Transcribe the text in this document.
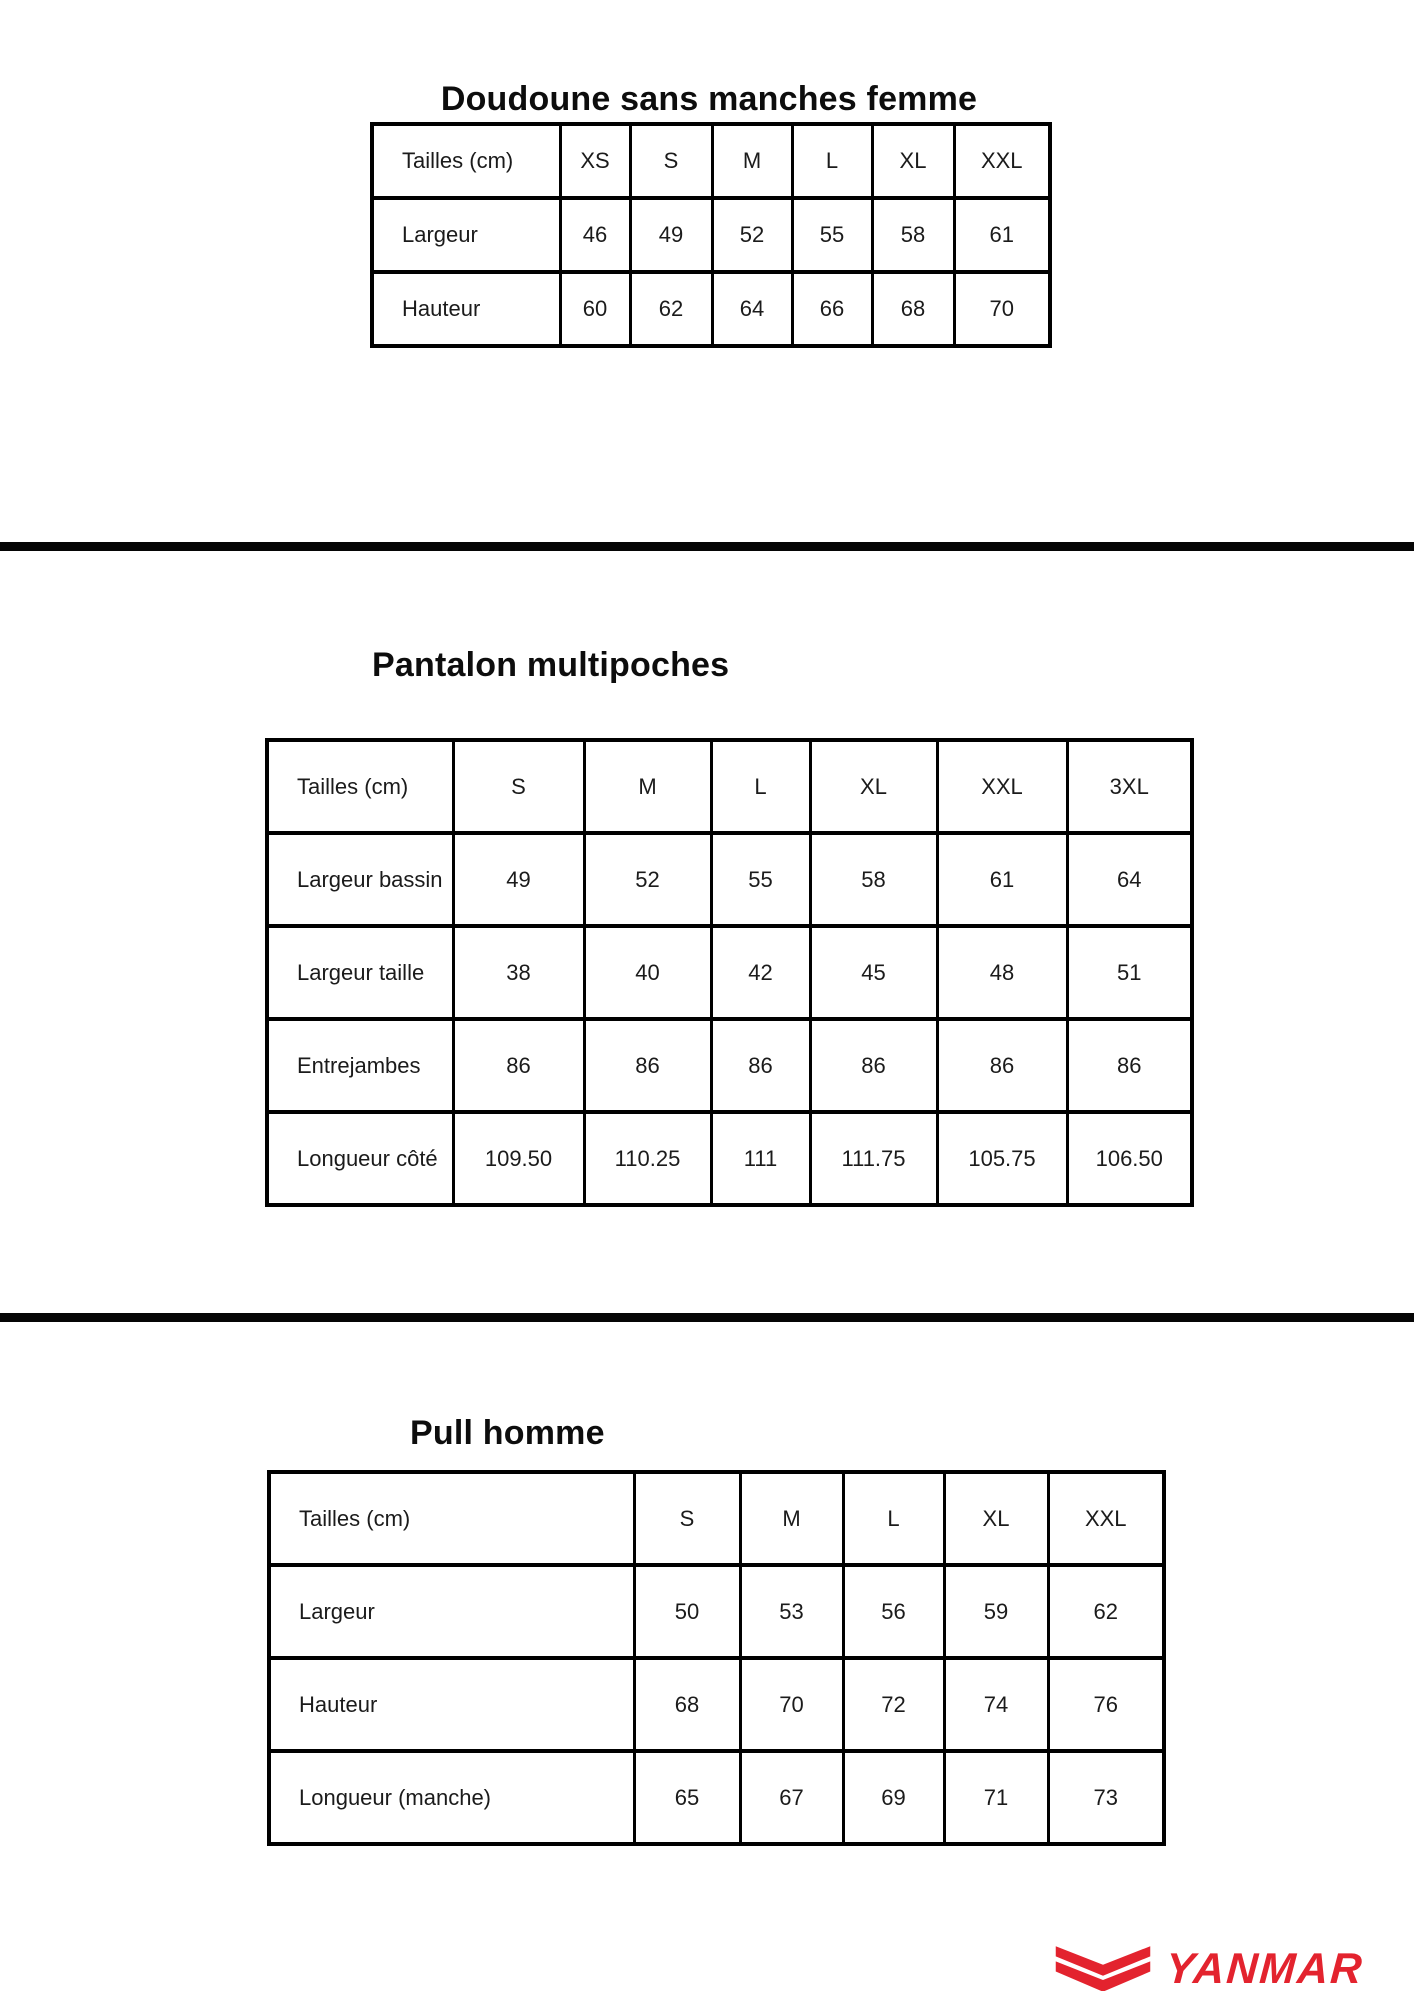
Doudoune sans manches femme
Tailles (cm)	XS	S	M	L	XL	XXL
Largeur	46	49	52	55	58	61
Hauteur	60	62	64	66	68	70
Pantalon multipoches
Tailles (cm)	S	M	L	XL	XXL	3XL
Largeur bassin	49	52	55	58	61	64
Largeur taille	38	40	42	45	48	51
Entrejambes	86	86	86	86	86	86
Longueur côté	109.50	110.25	111	111.75	105.75	106.50
Pull homme
Tailles (cm)	S	M	L	XL	XXL
Largeur	50	53	56	59	62
Hauteur	68	70	72	74	76
Longueur (manche)	65	67	69	71	73
YANMAR
